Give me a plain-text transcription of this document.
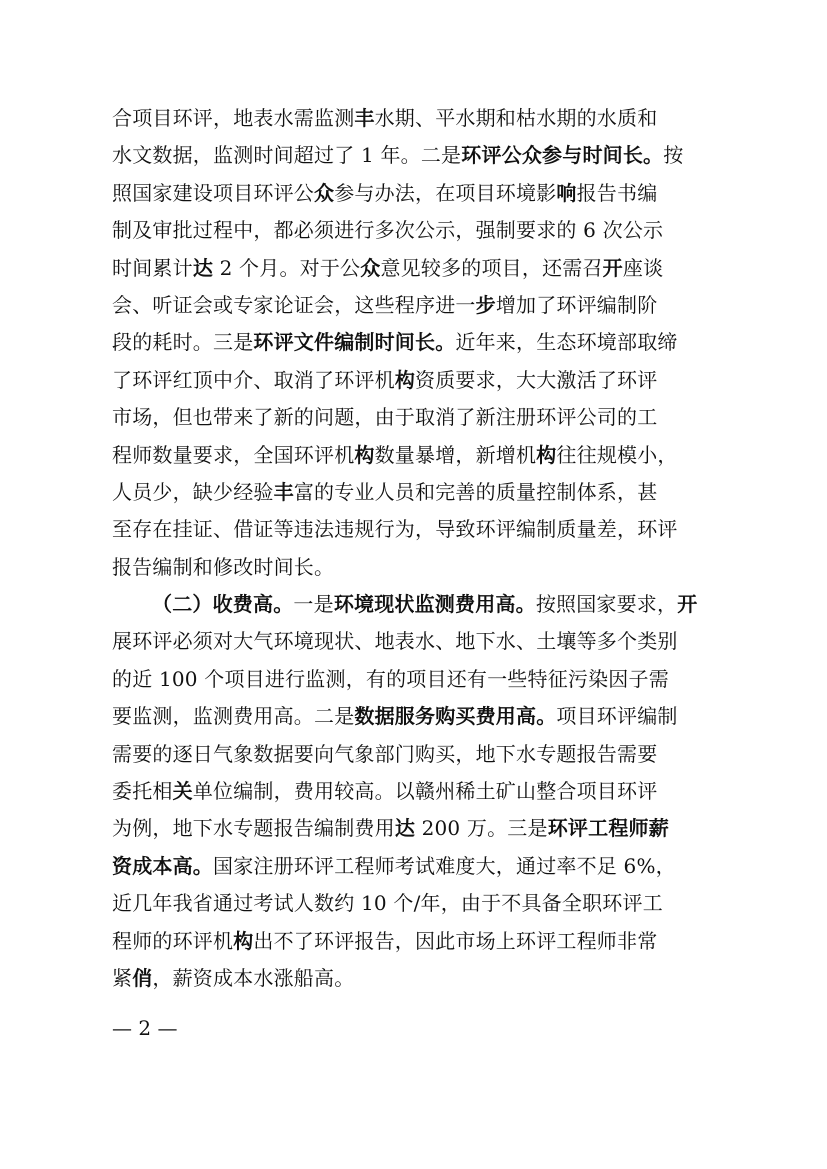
合项目环评，地表水需监测丰水期、平水期和枯水期的水质和
水文数据，监测时间超过了 1 年。二是环评公众参与时间长。按
照国家建设项目环评公众参与办法，在项目环境影响报告书编
制及审批过程中，都必须进行多次公示，强制要求的 6 次公示
时间累计达 2 个月。对于公众意见较多的项目，还需召开座谈
会、听证会或专家论证会，这些程序进一步增加了环评编制阶
段的耗时。三是环评文件编制时间长。近年来，生态环境部取缔
了环评红顶中介、取消了环评机构资质要求，大大激活了环评
市场，但也带来了新的问题，由于取消了新注册环评公司的工
程师数量要求，全国环评机构数量暴增，新增机构往往规模小，
人员少，缺少经验丰富的专业人员和完善的质量控制体系，甚
至存在挂证、借证等违法违规行为，导致环评编制质量差，环评
报告编制和修改时间长。
（二）收费高。一是环境现状监测费用高。按照国家要求，开
展环评必须对大气环境现状、地表水、地下水、土壤等多个类别
的近 100 个项目进行监测，有的项目还有一些特征污染因子需
要监测，监测费用高。二是数据服务购买费用高。项目环评编制
需要的逐日气象数据要向气象部门购买，地下水专题报告需要
委托相关单位编制，费用较高。以赣州稀土矿山整合项目环评
为例，地下水专题报告编制费用达 200 万。三是环评工程师薪
资成本高。国家注册环评工程师考试难度大，通过率不足 6%，
近几年我省通过考试人数约 10 个/年，由于不具备全职环评工
程师的环评机构出不了环评报告，因此市场上环评工程师非常
紧俏，薪资成本水涨船高。
— 2 —
